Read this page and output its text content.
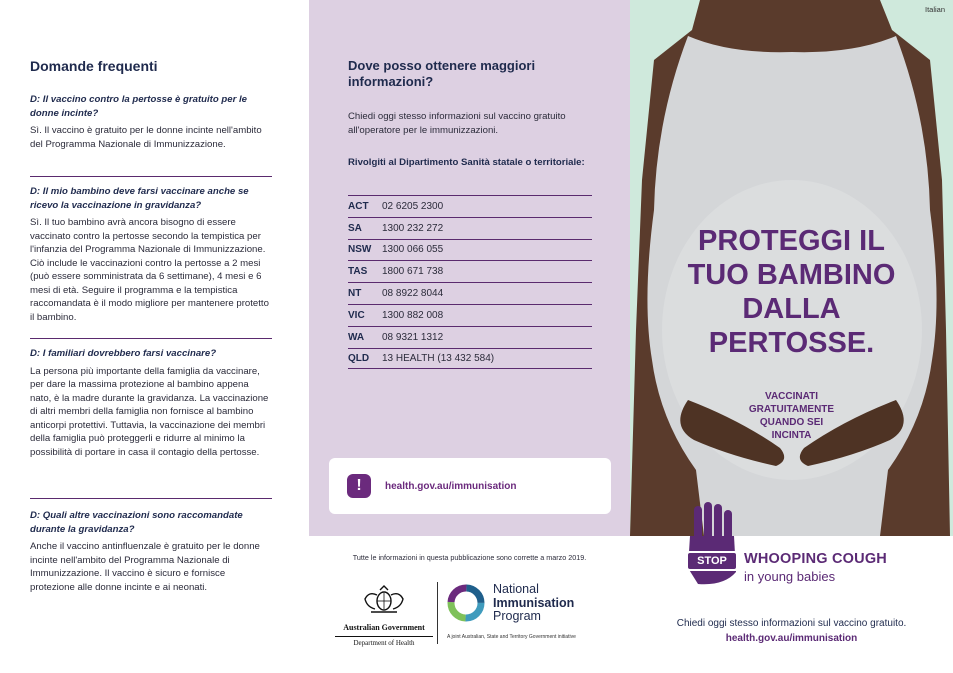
Domande frequenti
D: Il vaccino contro la pertosse è gratuito per le donne incinte?
Sì. Il vaccino è gratuito per le donne incinte nell'ambito del Programma Nazionale di Immunizzazione.
D: Il mio bambino deve farsi vaccinare anche se ricevo la vaccinazione in gravidanza?
Sì. Il tuo bambino avrà ancora bisogno di essere vaccinato contro la pertosse secondo la tempistica per l'infanzia del Programma Nazionale di Immunizzazione. Ciò include le vaccinazioni contro la pertosse a 2 mesi (può essere somministrata da 6 settimane), 4 mesi e 6 mesi di età. Seguire il programma e la tempistica raccomandata è il modo migliore per mantenere protetto il bambino.
D: I familiari dovrebbero farsi vaccinare?
La persona più importante della famiglia da vaccinare, per dare la massima protezione al bambino appena nato, è la madre durante la gravidanza. La vaccinazione di altri membri della famiglia non fornisce al bambino anticorpi protettivi. Tuttavia, la vaccinazione dei membri della famiglia può proteggerli e ridurre al minimo la possibilità di portare in casa il contagio della pertosse.
D: Quali altre vaccinazioni sono raccomandate durante la gravidanza?
Anche il vaccino antinfluenzale è gratuito per le donne incinte nell'ambito del Programma Nazionale di Immunizzazione. Il vaccino è sicuro e fornisce protezione alle donne incinte e ai neonati.
Dove posso ottenere maggiori informazioni?
Chiedi oggi stesso informazioni sul vaccino gratuito all'operatore per le immunizzazioni.
Rivolgiti al Dipartimento Sanità statale o territoriale:
ACT	02 6205 2300
SA	1300 232 272
NSW	1300 066 055
TAS	1800 671 738
NT	08 8922 8044
VIC	1300 882 008
WA	08 9321 1312
QLD	13 HEALTH (13 432 584)
!	health.gov.au/immunisation
Tutte le informazioni in questa pubblicazione sono corrette a marzo 2019.
Australian Government
Department of Health
National
Immunisation
Program
A joint Australian, State and Territory Government initiative
Italian
PROTEGGI IL
TUO BAMBINO
DALLA
PERTOSSE.
VACCINATI
GRATUITAMENTE
QUANDO SEI
INCINTA
STOP	WHOOPING COUGH
in young babies
Chiedi oggi stesso informazioni sul vaccino gratuito.
health.gov.au/immunisation
